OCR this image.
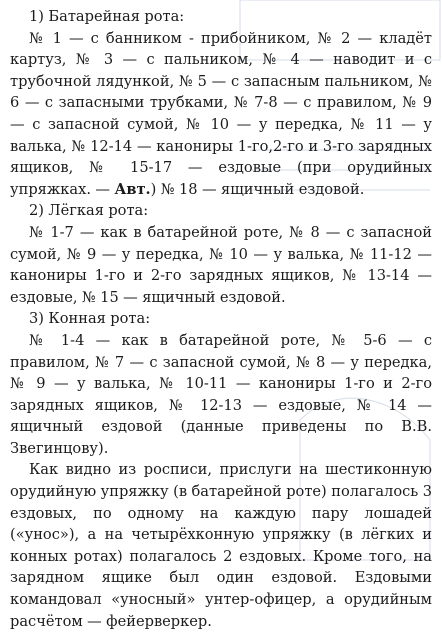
1) Батарейная рота:

№ 1 — с банником - прибойником, № 2 — кладёт картуз, № 3 — с пальником, № 4 — наводит и с трубочной лядункой, № 5 — с запасным пальником, № 6 — с запасными трубками, № 7-8 — с правилом, № 9 — с запасной сумой, № 10 — у передка, № 11 — у валька, № 12-14 — канониры 1-го,2-го и 3-го зарядных ящиков, № 15-17 — ездовые (при орудийных упряжках. — Авт.) № 18 — ящичный ездовой.

2) Лёгкая рота:

№ 1-7 — как в батарейной роте, № 8 — с запасной сумой, № 9 — у передка, № 10 — у валька, № 11-12 — канониры 1-го и 2-го зарядных ящиков, № 13-14 — ездовые, № 15 — ящичный ездовой.

3) Конная рота:

№ 1-4 — как в батарейной роте, № 5-6 — с правилом, № 7 — с запасной сумой, № 8 — у передка, № 9 — у валька, № 10-11 — канониры 1-го и 2-го зарядных ящиков, № 12-13 — ездовые, № 14 — ящичный ездовой (данные приведены по В.В. Звегинцову).

Как видно из росписи, прислуги на шестиконную орудийную упряжку (в батарейной роте) полагалось 3 ездовых, по одному на каждую пару лошадей («унос»), а на четырёхконную упряжку (в лёгких и конных ротах) полагалось 2 ездовых. Кроме того, на зарядном ящике был один ездовой. Ездовыми командовал «уносный» унтер-офицер, а орудийным расчётом — фейерверкер.
